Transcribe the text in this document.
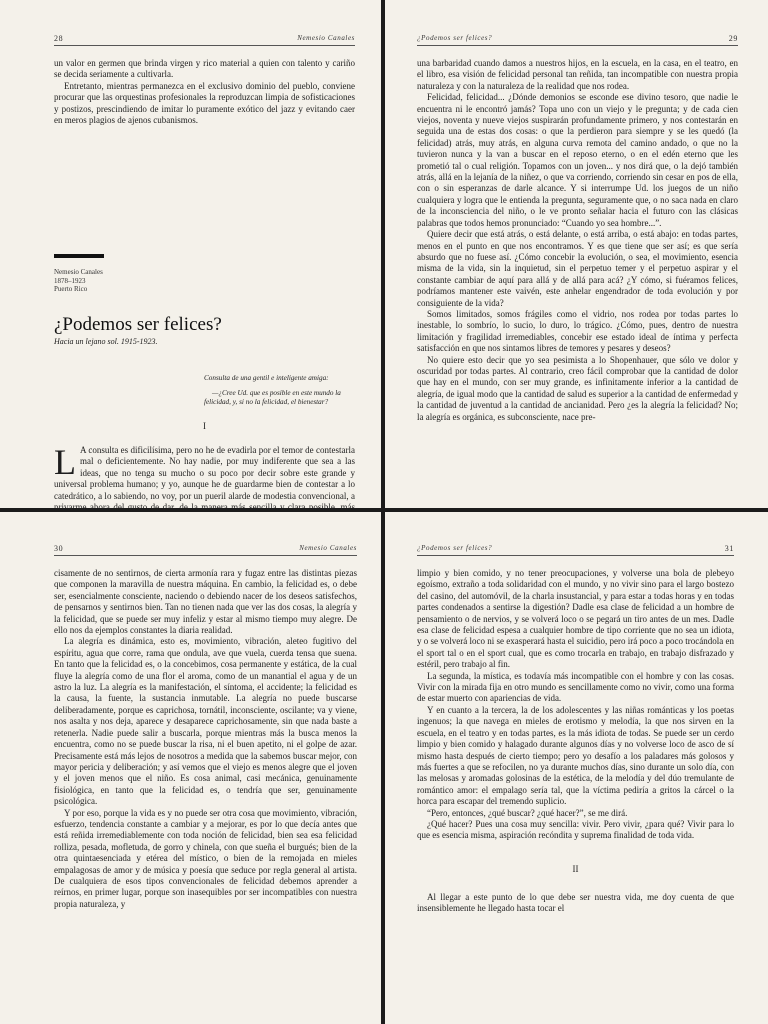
28	Nemesio Canales

un valor en germen que brinda virgen y rico material a quien con talento y cariño se decida seriamente a cultivarla.

Entretanto, mientras permanezca en el exclusivo dominio del pueblo, conviene procurar que las orquestinas profesionales la reproduzcan limpia de sofisticaciones y postizos, prescindiendo de imitar lo puramente exótico del jazz y evitando caer en meros plagios de ajenos cubanismos.

Nemesio Canales
1878–1923
Puerto Rico
¿Podemos ser felices?
Hacia un lejano sol. 1915-1923.

Consulta de una gentil e inteligente amiga:

—¿Cree Ud. que es posible en este mundo la felicidad, y, si no la felicidad, el bienestar?

I

L A consulta es dificilísima, pero no he de evadirla por el temor de contestarla mal o deficientemente. No hay nadie, por muy indiferente que sea a las ideas, que no tenga su mucho o su poco por decir sobre este grande y universal problema humano; y yo, aunque he de guardarme bien de contestar a lo catedrático, a lo sabiendo, no voy, por un pueril alarde de modestia convencional, a privarme ahora del gusto de dar, de la manera más sencilla y clara posible, más

¿Podemos ser felices?	29

una barbaridad cuando damos a nuestros hijos, en la escuela, en la casa, en el teatro, en el libro, esa visión de felicidad personal tan reñida, tan incompatible con nuestra propia naturaleza y con la naturaleza de la realidad que nos rodea.

Felicidad, felicidad... ¿Dónde demonios se esconde ese divino tesoro, que nadie le encuentra ni le encontró jamás? Topa uno con un viejo y le pregunta; y de cada cien viejos, noventa y nueve viejos suspirarán profundamente primero, y nos contestarán en seguida una de estas dos cosas: o que la perdieron para siempre y se les quedó (la felicidad) atrás, muy atrás, en alguna curva remota del camino andado, o que no la tuvieron nunca y la van a buscar en el reposo eterno, o en el edén eterno que les prometió tal o cual religión. Topamos con un joven... y nos dirá que, o la dejó también atrás, allá en la lejanía de la niñez, o que va corriendo, corriendo sin cesar en pos de ella, con o sin esperanzas de darle alcance. Y si interrumpe Ud. los juegos de un niño cualquiera y logra que le entienda la pregunta, seguramente que, o no saca nada en claro de la inconsciencia del niño, o le ve pronto señalar hacia el futuro con las clásicas palabras que todos hemos pronunciado: “Cuando yo sea hombre...”.

Quiere decir que está atrás, o está delante, o está arriba, o está abajo: en todas partes, menos en el punto en que nos encontramos. Y es que tiene que ser así; es que sería absurdo que no fuese así. ¿Cómo concebir la evolución, o sea, el movimiento, esencia misma de la vida, sin la inquietud, sin el perpetuo temer y el perpetuo aspirar y el constante cambiar de aquí para allá y de allá para acá? ¿Y cómo, si fuéramos felices, podríamos mantener este vaivén, este anhelar engendrador de toda evolución y por consiguiente de la vida?

Somos limitados, somos frágiles como el vidrio, nos rodea por todas partes lo inestable, lo sombrío, lo sucio, lo duro, lo trágico. ¿Cómo, pues, dentro de nuestra limitación y fragilidad irremediables, concebir ese estado ideal de íntima y perfecta satisfacción en que nos sintamos libres de temores y pesares y deseos?

No quiere esto decir que yo sea pesimista a lo Shopenhauer, que sólo ve dolor y oscuridad por todas partes. Al contrario, creo fácil comprobar que la cantidad de dolor que hay en el mundo, con ser muy grande, es infinitamente inferior a la cantidad de alegría, de igual modo que la cantidad de salud es superior a la cantidad de enfermedad y la cantidad de juventud a la cantidad de ancianidad. Pero ¿es la alegría la felicidad? No; la alegría es orgánica, es subconsciente, nace pre-

30	Nemesio Canales

cisamente de no sentirnos, de cierta armonía rara y fugaz entre las distintas piezas que componen la maravilla de nuestra máquina. En cambio, la felicidad es, o debe ser, esencialmente consciente, naciendo o debiendo nacer de los deseos satisfechos, de pensarnos y sentirnos bien. Tan no tienen nada que ver las dos cosas, la alegría y la felicidad, que se puede ser muy infeliz y estar al mismo tiempo muy alegre. De ello nos da ejemplos constantes la diaria realidad.

La alegría es dinámica, esto es, movimiento, vibración, aleteo fugitivo del espíritu, agua que corre, rama que ondula, ave que vuela, cuerda tensa que suena. En tanto que la felicidad es, o la concebimos, cosa permanente y estática, de la cual fluye la alegría como de una flor el aroma, como de un manantial el agua y de un astro la luz. La alegría es la manifestación, el síntoma, el accidente; la felicidad es la causa, la fuente, la sustancia inmutable. La alegría no puede buscarse deliberadamente, porque es caprichosa, tornátil, inconsciente, oscilante; va y viene, nos asalta y nos deja, aparece y desaparece caprichosamente, sin que nada baste a retenerla. Nadie puede salir a buscarla, porque mientras más la busca menos la encuentra, como no se puede buscar la risa, ni el buen apetito, ni el golpe de azar. Precisamente está más lejos de nosotros a medida que la sabemos buscar mejor, con mayor pericia y deliberación; y así vemos que el viejo es menos alegre que el joven y el joven menos que el niño. Es cosa animal, casi mecánica, genuinamente fisiológica, en tanto que la felicidad es, o tendría que ser, genuinamente psicológica.

Y por eso, porque la vida es y no puede ser otra cosa que movimiento, vibración, esfuerzo, tendencia constante a cambiar y a mejorar, es por lo que decía antes que está reñida irremediablemente con toda noción de felicidad, bien sea esa felicidad rolliza, pesada, mofletuda, de gorro y chinela, con que sueña el burgués; bien de la otra quintaesenciada y etérea del místico, o bien de la remojada en mieles empalagosas de amor y de música y poesía que seduce por regla general al artista. De cualquiera de esos tipos convencionales de felicidad debemos aprender a reírnos, en primer lugar, porque son inasequibles por ser incompatibles con nuestra propia naturaleza, y

¿Podemos ser felices?	31

limpio y bien comido, y no tener preocupaciones, y volverse una bola de plebeyo egoísmo, extraño a toda solidaridad con el mundo, y no vivir sino para el largo bostezo del casino, del automóvil, de la charla insustancial, y para estar a todas horas y en todas partes condenados a sentirse la digestión? Dadle esa clase de felicidad a un hombre de pensamiento o de nervios, y se volverá loco o se pegará un tiro antes de un mes. Dadle esa clase de felicidad espesa a cualquier hombre de tipo corriente que no sea un idiota, y o se volverá loco ni se exasperará hasta el suicidio, pero irá poco a poco trocándola en el sport tal o en el sport cual, que es como trocarla en trabajo, en trabajo disfrazado y estéril, pero trabajo al fin.

La segunda, la mística, es todavía más incompatible con el hombre y con las cosas. Vivir con la mirada fija en otro mundo es sencillamente como no vivir, como una forma de estar muerto con apariencias de vida.

Y en cuanto a la tercera, la de los adolescentes y las niñas románticas y los poetas ingenuos; la que navega en mieles de erotismo y melodía, la que nos sirven en la escuela, en el teatro y en todas partes, es la más idiota de todas. Se puede ser un cerdo limpio y bien comido y halagado durante algunos días y no volverse loco de asco de sí mismo hasta después de cierto tiempo; pero yo desafío a los paladares más golosos y más fuertes a que se refocilen, no ya durante muchos días, sino durante un solo día, con las melosas y aromadas golosinas de la estética, de la melodía y del dúo tremulante de romántico amor: el empalago sería tal, que la víctima pediría a gritos la cárcel o la horca para escapar del tremendo suplicio.

“Pero, entonces, ¿qué buscar? ¿qué hacer?”, se me dirá.

¿Qué hacer? Pues una cosa muy sencilla: vivir. Pero vivir, ¿para qué? Vivir para lo que es esencia misma, aspiración recóndita y suprema finalidad de toda vida.

II

Al llegar a este punto de lo que debe ser nuestra vida, me doy cuenta de que insensiblemente he llegado hasta tocar el
